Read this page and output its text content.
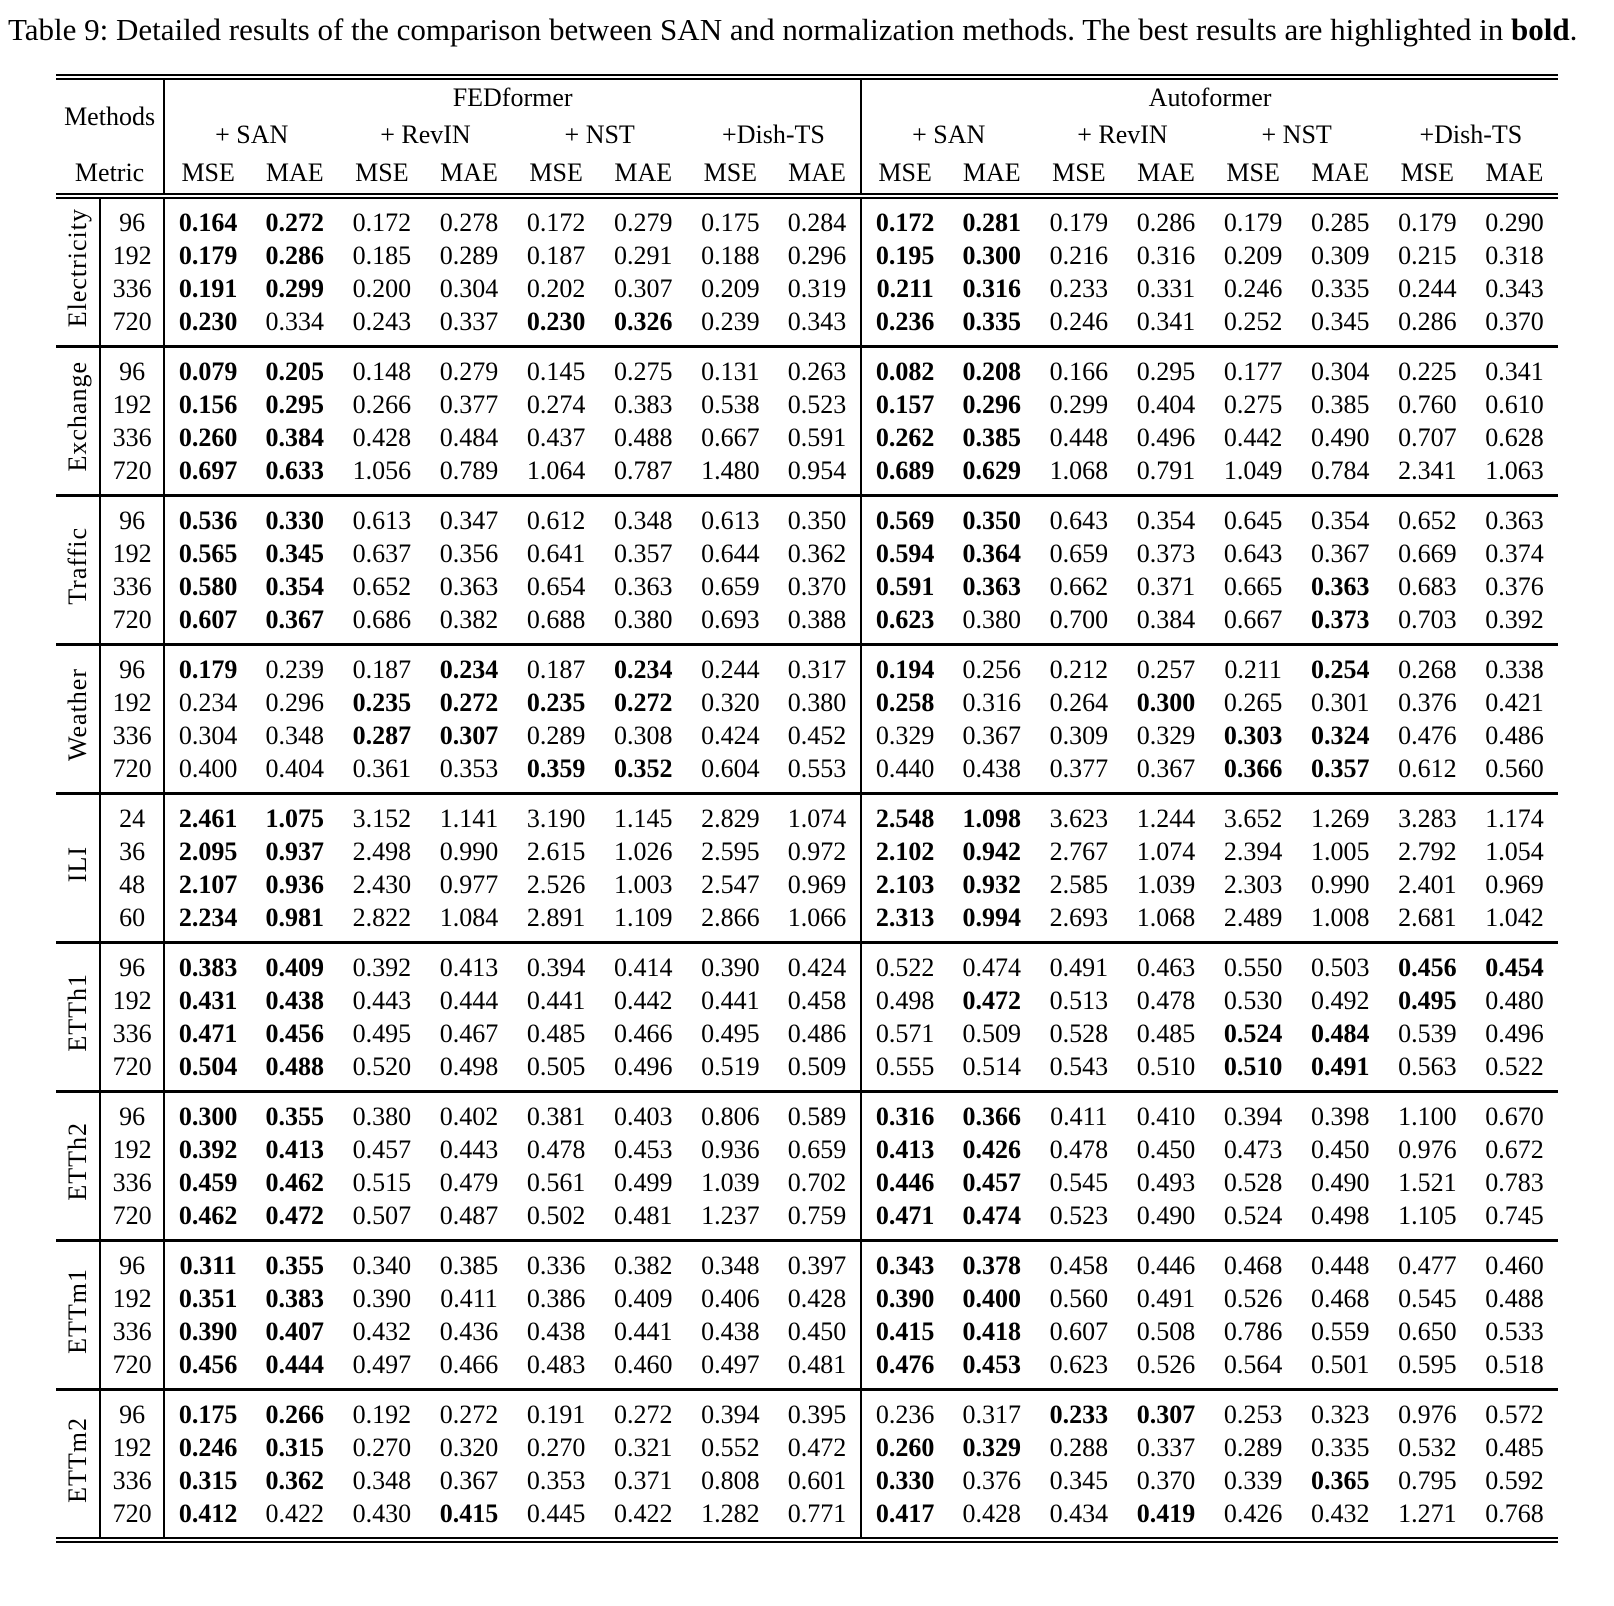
Table 9: Detailed results of the comparison between SAN and normalization methods. The best results are highlighted in bold.

Methods		FEDformer								Autoformer							
		+ SAN		+ RevIN		+ NST		+Dish-TS		+ SAN		+ RevIN		+ NST		+Dish-TS	
Metric		MSE	MAE	MSE	MAE	MSE	MAE	MSE	MAE	MSE	MAE	MSE	MAE	MSE	MAE	MSE	MAE
Electricity	96	0.164	0.272	0.172	0.278	0.172	0.279	0.175	0.284	0.172	0.281	0.179	0.286	0.179	0.285	0.179	0.290
	192	0.179	0.286	0.185	0.289	0.187	0.291	0.188	0.296	0.195	0.300	0.216	0.316	0.209	0.309	0.215	0.318
	336	0.191	0.299	0.200	0.304	0.202	0.307	0.209	0.319	0.211	0.316	0.233	0.331	0.246	0.335	0.244	0.343
	720	0.230	0.334	0.243	0.337	0.230	0.326	0.239	0.343	0.236	0.335	0.246	0.341	0.252	0.345	0.286	0.370
Exchange	96	0.079	0.205	0.148	0.279	0.145	0.275	0.131	0.263	0.082	0.208	0.166	0.295	0.177	0.304	0.225	0.341
	192	0.156	0.295	0.266	0.377	0.274	0.383	0.538	0.523	0.157	0.296	0.299	0.404	0.275	0.385	0.760	0.610
	336	0.260	0.384	0.428	0.484	0.437	0.488	0.667	0.591	0.262	0.385	0.448	0.496	0.442	0.490	0.707	0.628
	720	0.697	0.633	1.056	0.789	1.064	0.787	1.480	0.954	0.689	0.629	1.068	0.791	1.049	0.784	2.341	1.063
Traffic	96	0.536	0.330	0.613	0.347	0.612	0.348	0.613	0.350	0.569	0.350	0.643	0.354	0.645	0.354	0.652	0.363
	192	0.565	0.345	0.637	0.356	0.641	0.357	0.644	0.362	0.594	0.364	0.659	0.373	0.643	0.367	0.669	0.374
	336	0.580	0.354	0.652	0.363	0.654	0.363	0.659	0.370	0.591	0.363	0.662	0.371	0.665	0.363	0.683	0.376
	720	0.607	0.367	0.686	0.382	0.688	0.380	0.693	0.388	0.623	0.380	0.700	0.384	0.667	0.373	0.703	0.392
Weather	96	0.179	0.239	0.187	0.234	0.187	0.234	0.244	0.317	0.194	0.256	0.212	0.257	0.211	0.254	0.268	0.338
	192	0.234	0.296	0.235	0.272	0.235	0.272	0.320	0.380	0.258	0.316	0.264	0.300	0.265	0.301	0.376	0.421
	336	0.304	0.348	0.287	0.307	0.289	0.308	0.424	0.452	0.329	0.367	0.309	0.329	0.303	0.324	0.476	0.486
	720	0.400	0.404	0.361	0.353	0.359	0.352	0.604	0.553	0.440	0.438	0.377	0.367	0.366	0.357	0.612	0.560
ILI	24	2.461	1.075	3.152	1.141	3.190	1.145	2.829	1.074	2.548	1.098	3.623	1.244	3.652	1.269	3.283	1.174
	36	2.095	0.937	2.498	0.990	2.615	1.026	2.595	0.972	2.102	0.942	2.767	1.074	2.394	1.005	2.792	1.054
	48	2.107	0.936	2.430	0.977	2.526	1.003	2.547	0.969	2.103	0.932	2.585	1.039	2.303	0.990	2.401	0.969
	60	2.234	0.981	2.822	1.084	2.891	1.109	2.866	1.066	2.313	0.994	2.693	1.068	2.489	1.008	2.681	1.042
ETTh1	96	0.383	0.409	0.392	0.413	0.394	0.414	0.390	0.424	0.522	0.474	0.491	0.463	0.550	0.503	0.456	0.454
	192	0.431	0.438	0.443	0.444	0.441	0.442	0.441	0.458	0.498	0.472	0.513	0.478	0.530	0.492	0.495	0.480
	336	0.471	0.456	0.495	0.467	0.485	0.466	0.495	0.486	0.571	0.509	0.528	0.485	0.524	0.484	0.539	0.496
	720	0.504	0.488	0.520	0.498	0.505	0.496	0.519	0.509	0.555	0.514	0.543	0.510	0.510	0.491	0.563	0.522
ETTh2	96	0.300	0.355	0.380	0.402	0.381	0.403	0.806	0.589	0.316	0.366	0.411	0.410	0.394	0.398	1.100	0.670
	192	0.392	0.413	0.457	0.443	0.478	0.453	0.936	0.659	0.413	0.426	0.478	0.450	0.473	0.450	0.976	0.672
	336	0.459	0.462	0.515	0.479	0.561	0.499	1.039	0.702	0.446	0.457	0.545	0.493	0.528	0.490	1.521	0.783
	720	0.462	0.472	0.507	0.487	0.502	0.481	1.237	0.759	0.471	0.474	0.523	0.490	0.524	0.498	1.105	0.745
ETTm1	96	0.311	0.355	0.340	0.385	0.336	0.382	0.348	0.397	0.343	0.378	0.458	0.446	0.468	0.448	0.477	0.460
	192	0.351	0.383	0.390	0.411	0.386	0.409	0.406	0.428	0.390	0.400	0.560	0.491	0.526	0.468	0.545	0.488
	336	0.390	0.407	0.432	0.436	0.438	0.441	0.438	0.450	0.415	0.418	0.607	0.508	0.786	0.559	0.650	0.533
	720	0.456	0.444	0.497	0.466	0.483	0.460	0.497	0.481	0.476	0.453	0.623	0.526	0.564	0.501	0.595	0.518
ETTm2	96	0.175	0.266	0.192	0.272	0.191	0.272	0.394	0.395	0.236	0.317	0.233	0.307	0.253	0.323	0.976	0.572
	192	0.246	0.315	0.270	0.320	0.270	0.321	0.552	0.472	0.260	0.329	0.288	0.337	0.289	0.335	0.532	0.485
	336	0.315	0.362	0.348	0.367	0.353	0.371	0.808	0.601	0.330	0.376	0.345	0.370	0.339	0.365	0.795	0.592
	720	0.412	0.422	0.430	0.415	0.445	0.422	1.282	0.771	0.417	0.428	0.434	0.419	0.426	0.432	1.271	0.768
